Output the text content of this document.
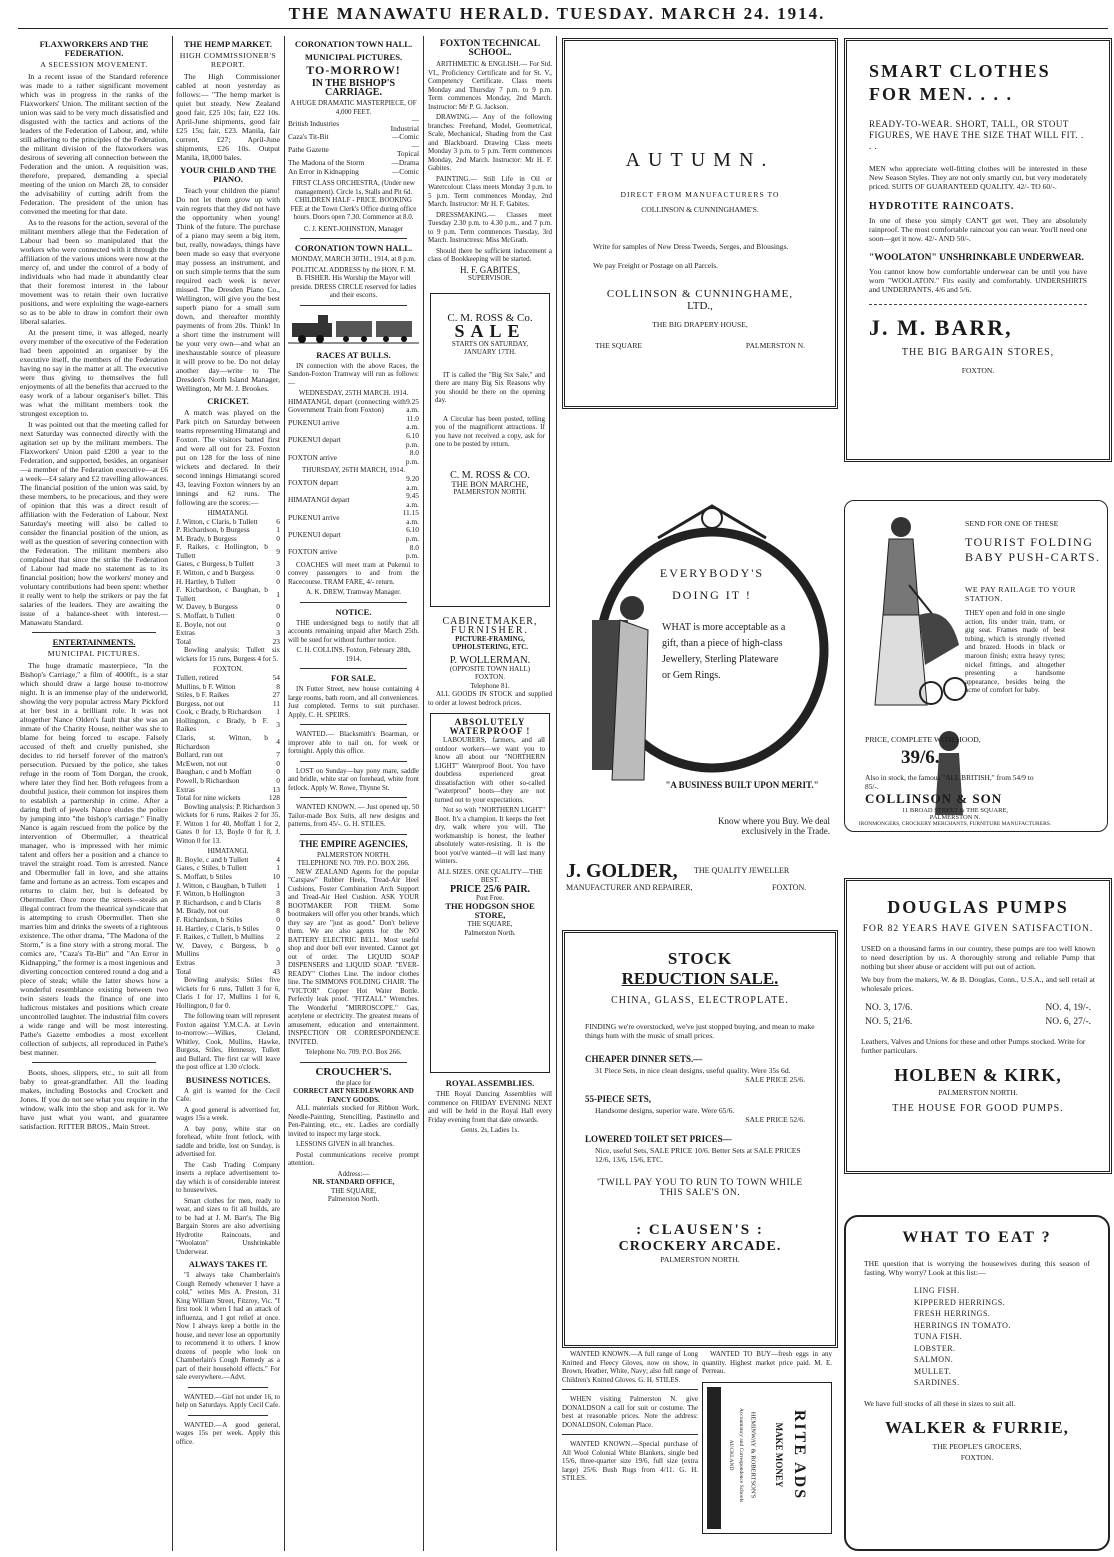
THE MANAWATU HERALD. TUESDAY. MARCH 24. 1914.
FLAXWORKERS AND THE FEDERATION.
A SECESSION MOVEMENT.

In a recent issue of the Standard reference was made to a rather significant movement which was in progress in the ranks of the Flaxworkers' Union. The militant section of the union was said to be very much dissatisfied and disgusted with the tactics and actions of the leaders of the Federation of Labour, and, while still adhering to the principles of the Federation, the militant division of the flaxworkers was desirous of severing all connection between the Federation and the union. A requisition was, therefore, prepared, demanding a special meeting of the union on March 28, to consider the advisability of cutting adrift from the Federation. The president of the union has convened the meeting for that date.

As to the reasons for the action, several of the militant members allege that the Federation of Labour had been so manipulated that the workers who were connected with it through the affiliation of the various unions were now at the mercy of, and under the control of a body of individuals who had made it abundantly clear that their foremost interest in the labour movement was to retain their own lucrative positions, and were exploiting the wage-earners so as to be able to draw in comfort their own liberal salaries.

At the present time, it was alleged, nearly every member of the executive of the Federation had been appointed an organiser by the executive itself, the members of the Federation having no say in the matter at all. The executive were thus giving to themselves the full enjoyments of all the benefits that accrued to the easy work of a labour organiser's billet. This was what the militant members took the strongest exception to.

It was pointed out that the meeting called for next Saturday was connected directly with the agitation set up by the militant members. The Flaxworkers' Union paid £200 a year to the Federation, and supported, besides, an organiser—a member of the Federation executive—at £6 a week—£4 salary and £2 travelling allowances. The financial position of the union was said, by these members, to be precarious, and they were of opinion that this was a direct result of affiliation with the Federation of Labour. Next Saturday's meeting will also be called to consider the financial position of the union, as well as the question of severing connection with the Federation. The militant members also complained that since the strike the Federation of Labour had made no statement as to its financial position; how the workers' money and voluntary contributions had been spent: whether it really went to help the strikers or pay the fat salaries of the leaders. They are awaiting the issue of a balance-sheet with interest.—Manawatu Standard.

ENTERTAINMENTS.
MUNICIPAL PICTURES.

The huge dramatic masterpiece, "In the Bishop's Carriage," a film of 4000ft., is a star which should draw a large house to-morrow night. It is an immense play of the underworld, showing the very popular actress Mary Pickford at her best in a brilliant role. It was not altogether Nance Olden's fault that she was an inmate of the Charity House, neither was she to blame for being forced to escape. Falsely accused of theft and cruelly punished, she decides to rid herself forever of the matron's persecution. Pursued by the police, she takes refuge in the room of Tom Dorgan, the crook, where later they find her. Both refugees from a doubtful justice, their common lot inspires them to establish a partnership in crime. After a daring theft of jewels Nance eludes the police by jumping into "the bishop's carriage." Finally Nance is again rescued from the police by the intervention of Obermuller, a theatrical manager, who is impressed with her mimic talent and offers her a position and a chance to travel the straight road. Tom is arrested. Nance and Obermuller fall in love, and she attains fame and fortune as an actress. Tom escapes and returns to claim her, but is defeated by Obermuller. Once more the streets—steals an illegal contract from the theatrical syndicate that is attempting to crush Obermuller. Then she marries him and drinks the sweets of a righteous existence. The other drama, "The Madona of the Storm," is a fine story with a strong moral. The comics are, "Caza's Tit-Bit" and "An Error in Kidnapping," the former is a most ingenious and diverting concoction centered round a dog and a piece of steak; while the latter shows how a wonderful resemblance existing between two twin sisters leads the finance of one into ludicrous mistakes and positions which create uncontrolled laughter. The industrial film covers a wide range and will be most interesting. Pathe's Gazette embodies a most excellent collection of subjects, all reproduced in Pathe's best manner.

Boots, shoes, slippers, etc., to suit all from baby to great-grandfather. All the leading makes, including Bostocks and Crockett and Jones. If you do not see what you require in the window, walk into the shop and ask for it. We have just what you want, and guarantee satisfaction. RITTER BROS., Main Street.

THE HEMP MARKET.
HIGH COMMISSIONER'S REPORT.

The High Commissioner cabled at noon yesterday as follows:— "The hemp market is quiet but steady. New Zealand good fair, £25 10s; fair, £22 10s. April-June shipments, good fair £25 15s; fair, £23. Manila, fair current, £27; April-June shipments, £26 10s. Output Manila, 18,000 bales.

YOUR CHILD AND THE PIANO.

Teach your children the piano! Do not let them grow up with vain regrets that they did not have the opportunity when young! Think of the future. The purchase of a piano may seem a big item, but, really, nowadays, things have been made so easy that everyone may possess an instrument, and on such simple terms that the sum required each week is never missed. The Dresden Piano Co., Wellington, will give you the best superb piano for a small sum down, and thereafter monthly payments of from 20s. Think! In a short time the instrument will be your very own—and what an inexhaustable source of pleasure it will prove to be. Do not delay another day—write to The Dresden's North Island Manager, Wellington, Mr M. J. Brookes.

CRICKET.

A match was played on the Park pitch on Saturday between teams representing Himatangi and Foxton. The visitors batted first and were all out for 23. Foxton put on 128 for the loss of nine wickets and declared. In their second innings Himatangi scored 43, leaving Foxton winners by an innings and 62 runs. The following are the scores:—

HIMATANGI.
J. Witton, c Claris, b Tullett	6
P. Richardson, b Burgess	1
M. Brady, b Burgess	0
F. Raikes, c Hollington, b Tullett	9
Gates, c Burgess, b Tullett	3
F. Witton, c and b Burgess	0
H. Hartley, b Tullett	0
F. Kicbardson, c Baughan, b Tullett	1
W. Davey, b Burgess	0
S. Moffatt, b Tullett	0
E. Boyle, not out	0
Extras	3
Total	23

Bowling analysis: Tullett six wickets for 15 runs, Burgess 4 for 5.

FOXTON.
Tullett, retired	54
Mullins, b F. Witton	8
Stiles, b F. Raikes	27
Burgess, not out	11
Cook, c Brady, b Richardson	1
Hollington, c Brady, b F. Raikes	3
Claris, st. Witton, b Richardson	4
Bullard, run out	7
McEwen, not out	0
Baughan, c and b Moffatt	0
Powell, b Richardson	0
Extras	13
Total for nine wickets	128

Bowling analysis: P. Richardson 3 wickets for 6 runs, Raikes 2 for 35, F. Witton 1 for 40, Moffatt 1 for 2, Gates 0 for 13, Boyle 0 for 8, J. Witton 0 for 13.

HIMATANGI.
R. Boyle, c and b Tullett	4
Gates, c Stiles, b Tullett	1
S. Moffatt, b Stiles	10
J. Witton, c Baughan, b Tullett	1
F. Witton, b Hollington	3
P. Richardson, c and b Claris	8
M. Brady, not out	8
F. Richardson, b Stiles	0
H. Hartley, c Claris, b Stiles	0
F. Raikes, c Tullett, b Mullins	2
W. Davey, c Burgess, b Mullins	0
Extras	3
Total	43

Bowling analysis: Stiles five wickets for 6 runs, Tullett 3 for 6, Claris 1 for 17, Mullins 1 for 6, Hollington, 0 for 0.

The following team will represent Foxton against Y.M.C.A. at Levin to-morrow:—Wilkes, Cleland, Whitley, Cook, Mullins, Hawke, Burgess, Stiles, Hennessy, Tullett and Bullard. The first car will leave the post office at 1.30 o'clock.

BUSINESS NOTICES.

A girl is wanted for the Cecil Cafe.

A good general is advertised for, wages 15s a week.

A bay pony, white star on forehead, white front fetlock, with saddle and bridle, lost on Sunday, is advertised for.

The Cash Trading Company inserts a replace advertisement to-day which is of considerable interest to housewives.

Smart clothes for men, ready to wear, and sizes to fit all builds, are to be had at J. M. Barr's, The Big Bargain Stores are also advertising Hydrotite Raincoats, and "Woolaton" Unshrinkable Underwear.

ALWAYS TAKES IT.

"I always take Chamberlain's Cough Remedy whenever I have a cold," writes Mrs A. Preston, 31 King William Street, Fitzroy, Vic. "I first took it when I had an attack of influenza, and I got relief at once. Now I always keep a bottle in the house, and never lose an opportunity to recommend it to others. I know dozens of people who look on Chamberlain's Cough Remedy as a part of their household effects." For sale everywhere.—Advt.

WANTED.—Girl not under 16, to help on Saturdays. Apply Cecil Cafe.

WANTED.—A good general, wages 15s per week. Apply this office.

CORONATION TOWN HALL.
MUNICIPAL PICTURES.
TO-MORROW!
IN THE BISHOP'S CARRIAGE.
A HUGE DRAMATIC MASTERPIECE, OF 4,000 FEET.
British Industries	—Industrial
Caza's Tit-Bit	—Comic
Pathe Gazette	—Topical
The Madona of the Storm	—Drama
An Error in Kidnapping	—Comic

FIRST CLASS ORCHESTRA, (Under new management). Circle 1s, Stalls and Pit 6d. CHILDREN HALF - PRICE. BOOKING FEE at the Town Clerk's Office during office hours. Doors open 7.30. Commence at 8.0.

C. J. KENT-JOHNSTON, Manager
CORONATION TOWN HALL.
MONDAY, MARCH 30TH., 1914, at 8 p.m.

POLITICAL ADDRESS by the HON. F. M. B. FISHER. His Worship the Mayor will preside. DRESS CIRCLE reserved for ladies and their escorts.

RACES AT BULLS.

IN connection with the above Races, the Sandon-Foxton Tramway will run as follows:—

WEDNESDAY, 25TH MARCH. 1914.
HIMATANGI, depart (connecting with Government Train from Foxton)	9.25 a.m.
PUKENUI arrive	11.0 a.m.
PUKENUI depart	6.10 p.m.
FOXTON arrive	8.0 p.m.
THURSDAY, 26TH MARCH, 1914.
FOXTON depart	9.20 a.m.
HIMATANGI depart	9.45 a.m.
PUKENUI arrive	11.15 a.m.
PUKENUI depart	6.10 p.m.
FOXTON arrive	8.0 p.m.

COACHES will meet tram at Pukenui to convey passengers to and from the Racecourse. TRAM FARE, 4/- return.

A. K. DREW, Tramway Manager.
NOTICE.

THE undersigned begs to notify that all accounts remaining unpaid after March 25th. will be sued for without further notice.

C. H. COLLINS. Foxton, February 28th, 1914.
FOR SALE.

IN Futter Street, new house containing 4 large rooms, bath room, and all conveniences. Just completed. Terms to suit purchaser. Apply, C. H. SPEIRS.

WANTED.— Blacksmith's Boarman, or improver able to nail on, for week or fortnight. Apply this office.

LOST on Sunday—bay pony mare, saddle and bridle, white star on forehead, white front fetlock. Apply W. Rowe, Thynne St.

WANTED KNOWN. — Just opened up, 50 Tailor-made Box Suits, all new designs and patterns, from 45/-. G. H. STILES.

THE EMPIRE AGENCIES,
PALMERSTON NORTH.
TELEPHONE NO. 709. P.O. BOX 266.

NEW ZEALAND Agents for the popular "Catspaw" Rubber Heels, Tread-Air Heel Cushions, Foster Combination Arch Support and Tread-Air Heel Cushion. ASK YOUR BOOTMAKER FOR THEM. Some bootmakers will offer you other brands, which they say are "just as good." Don't believe them. We are also agents for the NO BATTERY ELECTRIC BELL. Most useful shop and door bell ever invented. Cannot get out of order. The LIQUID SOAP DISPENSERS and LIQUID SOAP. "EVER-READY" Clothes Line. The indoor clothes line. The SIMMONS FOLDING CHAIR. The "VICTOR" Copper Hot Water Bottle. Perfectly leak proof. "FITZALL" Wrenches. The Wonderful "MIRROSCOPE." Gas, acetylene or electricity. The greatest means of amusement, education and entertainment. INSPECTION OR CORRESPONDENCE INVITED.

Telephone No. 709. P.O. Box 266.
CROUCHER'S.
the place for
CORRECT ART NEEDLEWORK AND FANCY GOODS.

ALL materials stocked for Ribbon Work, Needle-Painting, Stencilling, Pastinello and Pen-Painting, etc., etc. Ladies are cordially invited to inspect my large stock.

LESSONS GIVEN in all branches.

Postal communications receive prompt attention.

Address:—
NR. STANDARD OFFICE,
THE SQUARE,
Palmerston North.
FOXTON TECHNICAL SCHOOL.

ARITHMETIC & ENGLISH.— For Std. VI., Proficiency Certificate and for St. V., Competency Certificate. Class meets Monday and Thursday 7 p.m. to 9 p.m. Term commences Monday, 2nd March. Instructor: Mr P. G. Jackson.

DRAWING.— Any of the following branches: Freehand, Model, Geometrical, Scale, Mechanical, Shading from the Cast and Blackboard. Drawing Class meets Monday 3 p.m. to 5 p.m. Term commences Monday, 2nd March. Instructor: Mr H. F. Gabites.

PAINTING.— Still Life in Oil or Watercolour. Class meets Monday 3 p.m. to 5 p.m. Term commences Monday, 2nd March. Instructor: Mr H. F. Gabites.

DRESSMAKING.— Classes meet Tuesday 2.30 p.m. to 4.30 p.m., and 7 p.m. to 9 p.m. Term commences Tuesday, 3rd March. Instructress: Miss McGrath.

Should there be sufficient inducement a class of Bookkeeping will be started.

H. F. GABITES,
SUPERVISOR.
C. M. ROSS & Co.
SALE
STARTS ON SATURDAY, JANUARY 17TH.

IT is called the "Big Six Sale," and there are many Big Six Reasons why you should be there on the opening day.

A Circular has been posted, telling you of the magnificent attractions. If you have not received a copy, ask for one to be posted by return.

C. M. ROSS & CO.
THE BON MARCHE,
PALMERSTON NORTH.
CABINETMAKER,
FURNISHER.
PICTURE-FRAMING, UPHOLSTERING, ETC.
P. WOLLERMAN.
(OPPOSITE TOWN HALL)
FOXTON.
Telephone 81.

ALL GOODS IN STOCK and supplied to order at lowest bedrock prices.

ABSOLUTELY
WATERPROOF !

LABOURERS, farmers, and all outdoor workers—we want you to know all about our "NORTHERN LIGHT" Waterproof Boot. You have doubtless experienced great dissatisfaction with other so-called "waterproof" boots—they are not turned out to your expectations.

Not so with "NORTHERN LIGHT" Boot. It's a champion. It keeps the feet dry, walk where you will. The workmanship is honest, the leather absolutely water-resisting. It is the boot you've wanted—it will last many winters.

ALL SIZES. ONE QUALITY—THE BEST.
PRICE 25/6 PAIR.
Post Free.
THE HODGSON SHOE STORE,
THE SQUARE,
Palmerston North.
ROYAL ASSEMBLIES.

THE Royal Dancing Assemblies will commence on FRIDAY EVENING NEXT and will be held in the Royal Hall every Friday evening from that date onwards.

Gents. 2s, Ladies 1s.
AUTUMN.
DIRECT FROM MANUFACTURERS TO
COLLINSON & CUNNINGHAME'S.
Write for samples of New Dress Tweeds, Serges, and Blousings.
We pay Freight or Postage on all Parcels.
COLLINSON & CUNNINGHAME,
LTD.,
THE BIG DRAPERY HOUSE,
THE SQUARE	PALMERSTON N.
EVERYBODY'S
DOING IT !
WHAT is more acceptable as a gift, than a piece of high-class Jewellery, Sterling Plateware or Gem Rings.
"A BUSINESS BUILT UPON MERIT."
Know where you Buy. We deal exclusively in the Trade.
J. GOLDER, THE QUALITY JEWELLER
MANUFACTURER AND REPAIRER,	FOXTON.
STOCK
REDUCTION SALE.
CHINA, GLASS, ELECTROPLATE.
FINDING we're overstocked, we've just stopped buying, and mean to make things hum with the music of small prices.
CHEAPER DINNER SETS.—
31 Piece Sets, in nice clean designs, useful quality. Were 35s 6d.
SALE PRICE 25/6.
55-PIECE SETS,
Handsome designs, superior ware. Were 65/6.
SALE PRICE 52/6.
LOWERED TOILET SET PRICES—
Nice, useful Sets, SALE PRICE 10/6. Better Sets at SALE PRICES 12/6, 13/6, 15/6, ETC.
'TWILL PAY YOU TO RUN TO TOWN WHILE THIS SALE'S ON.
: CLAUSEN'S :
CROCKERY ARCADE.
PALMERSTON NORTH.

WANTED KNOWN.—A full range of Long Knitted and Fleecy Gloves, now on show, in Brown, Heather, White, Navy; also full range of Children's Knitted Gloves. G. H. STILES.

WHEN visiting Palmerston N. give DONALDSON a call for suit or costume. The best at reasonable prices. Note the address: DONALDSON, Coleman Place.

WANTED KNOWN.—Special purchase of All Wool Colonial White Blankets, single bed 15/6, three-quarter size 19/6, full size (extra large) 25/6. Bush Rugs from 4/11. G. H. STILES.

WANTED TO BUY—fresh eggs in any quantity. Highest market price paid. M. E. Perreau.

RITE ADS
MAKE MONEY
HEMINWAY & ROBERTSON'S
Accountancy and Correspondence Schools
AUCKLAND
SMART CLOTHES
FOR MEN. . . .
READY-TO-WEAR. SHORT, TALL, OR STOUT FIGURES, WE HAVE THE SIZE THAT WILL FIT. . . .
MEN who appreciate well-fitting clothes will be interested in these New Season Styles. They are not only smartly cut, but very moderately priced. SUITS OF GUARANTEED QUALITY. 42/- TO 60/-.
HYDROTITE RAINCOATS.
In one of these you simply CAN'T get wet. They are absolutely rainproof. The most comfortable raincoat you can wear. You'll need one soon—get it now. 42/- AND 50/-.
"WOOLATON" UNSHRINKABLE UNDERWEAR.
You cannot know how comfortable underwear can be until you have worn "WOOLATON." Fits easily and comfortably. UNDERSHIRTS and UNDERPANTS, 4/6 and 5/6.
J. M. BARR,
THE BIG BARGAIN STORES,
FOXTON.
SEND FOR ONE OF THESE
TOURIST FOLDING BABY PUSH-CARTS.
WE PAY RAILAGE TO YOUR STATION.
THEY open and fold in one single action, fits under train, tram, or gig seat. Frames made of best tubing, which is strongly rivetted and brazed. Hoods in black or maroon finish; extra heavy tyres; nickel fittings, and altogether presenting a handsome appearance, besides being the acme of comfort for baby.
PRICE, COMPLETE WITH HOOD,
39/6.
Also in stock, the famous "ALL BRITISH," from 54/9 to 85/-.
COLLINSON & SON
11 BROAD STREET & THE SQUARE,
PALMERSTON N.
IRONMONGERS, CROCKERY MERCHANTS, FURNITURE MANUFACTURERS.
DOUGLAS PUMPS
FOR 82 YEARS HAVE GIVEN SATISFACTION.
USED on a thousand farms in our country, these pumps are too well known to need description by us. A thoroughly strong and reliable Pump that nothing but sheer abuse or accident will put out of action.
We buy from the makers, W. & B. Douglas, Conn., U.S.A., and sell retail at wholesale prices.
NO. 3, 17/6.	NO. 4, 19/-.
NO. 5, 21/6.	NO. 6, 27/-.
Leathers, Valves and Unions for these and other Pumps stocked. Write for further particulars.
HOLBEN & KIRK,
PALMERSTON NORTH.
THE HOUSE FOR GOOD PUMPS.
WHAT TO EAT ?
THE question that is worrying the housewives during this season of fasting. Why worry? Look at this list:—
LING FISH.
KIPPERED HERRINGS.
FRESH HERRINGS.
HERRINGS IN TOMATO.
TUNA FISH.
LOBSTER.
SALMON.
MULLET.
SARDINES.
We have full stocks of all these in sizes to suit all.
WALKER & FURRIE,
THE PEOPLE'S GROCERS,
FOXTON.
